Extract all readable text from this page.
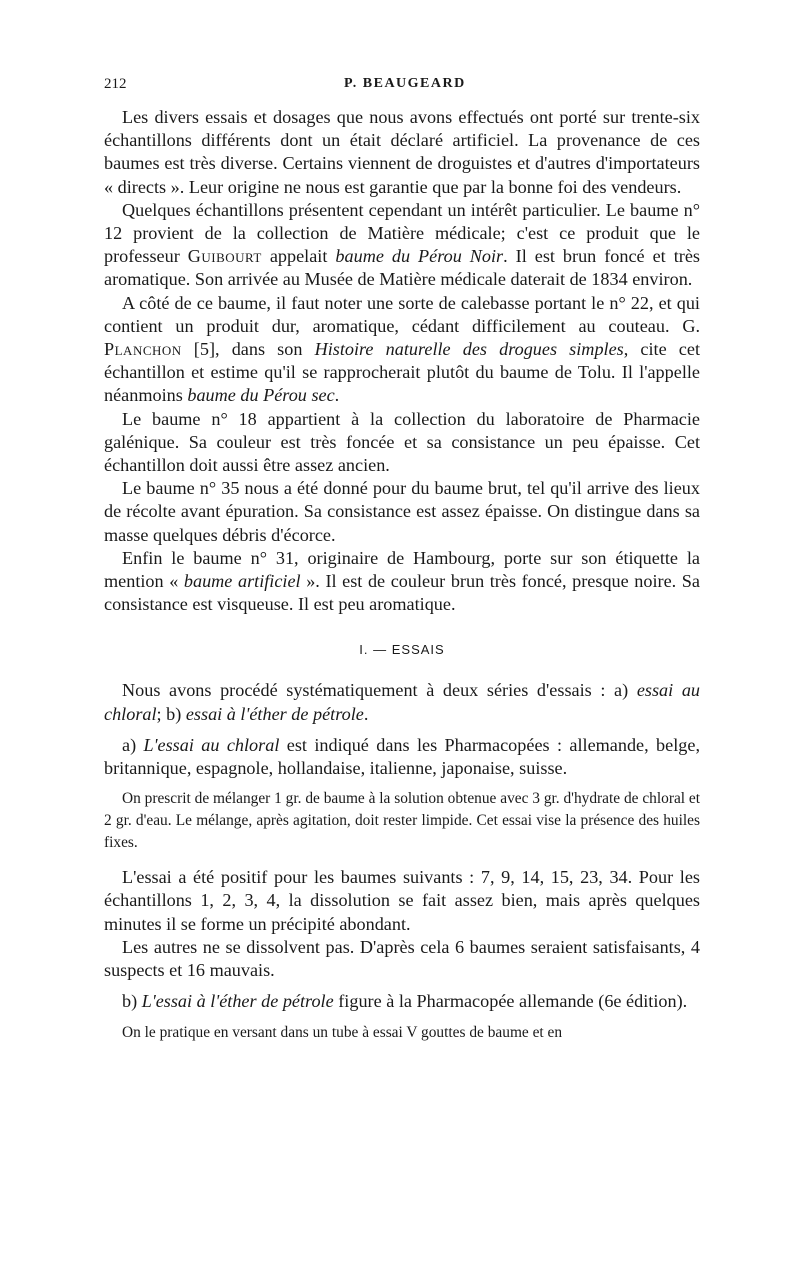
212	P. BEAUGEARD

Les divers essais et dosages que nous avons effectués ont porté sur trente-six échantillons différents dont un était déclaré artificiel. La provenance de ces baumes est très diverse. Certains viennent de droguistes et d'autres d'importateurs « directs ». Leur origine ne nous est garantie que par la bonne foi des vendeurs.

Quelques échantillons présentent cependant un intérêt particulier. Le baume n° 12 provient de la collection de Matière médicale; c'est ce produit que le professeur Guibourt appelait baume du Pérou Noir. Il est brun foncé et très aromatique. Son arrivée au Musée de Matière médicale daterait de 1834 environ.

A côté de ce baume, il faut noter une sorte de calebasse portant le n° 22, et qui contient un produit dur, aromatique, cédant difficilement au couteau. G. Planchon [5], dans son Histoire naturelle des drogues simples, cite cet échantillon et estime qu'il se rapprocherait plutôt du baume de Tolu. Il l'appelle néanmoins baume du Pérou sec.

Le baume n° 18 appartient à la collection du laboratoire de Pharmacie galénique. Sa couleur est très foncée et sa consistance un peu épaisse. Cet échantillon doit aussi être assez ancien.

Le baume n° 35 nous a été donné pour du baume brut, tel qu'il arrive des lieux de récolte avant épuration. Sa consistance est assez épaisse. On distingue dans sa masse quelques débris d'écorce.

Enfin le baume n° 31, originaire de Hambourg, porte sur son étiquette la mention « baume artificiel ». Il est de couleur brun très foncé, presque noire. Sa consistance est visqueuse. Il est peu aromatique.

I. — ESSAIS

Nous avons procédé systématiquement à deux séries d'essais : a) essai au chloral; b) essai à l'éther de pétrole.

a) L'essai au chloral est indiqué dans les Pharmacopées : allemande, belge, britannique, espagnole, hollandaise, italienne, japonaise, suisse.

On prescrit de mélanger 1 gr. de baume à la solution obtenue avec 3 gr. d'hydrate de chloral et 2 gr. d'eau. Le mélange, après agitation, doit rester limpide. Cet essai vise la présence des huiles fixes.

L'essai a été positif pour les baumes suivants : 7, 9, 14, 15, 23, 34. Pour les échantillons 1, 2, 3, 4, la dissolution se fait assez bien, mais après quelques minutes il se forme un précipité abondant.

Les autres ne se dissolvent pas. D'après cela 6 baumes seraient satisfaisants, 4 suspects et 16 mauvais.

b) L'essai à l'éther de pétrole figure à la Pharmacopée allemande (6e édition).

On le pratique en versant dans un tube à essai V gouttes de baume et en
